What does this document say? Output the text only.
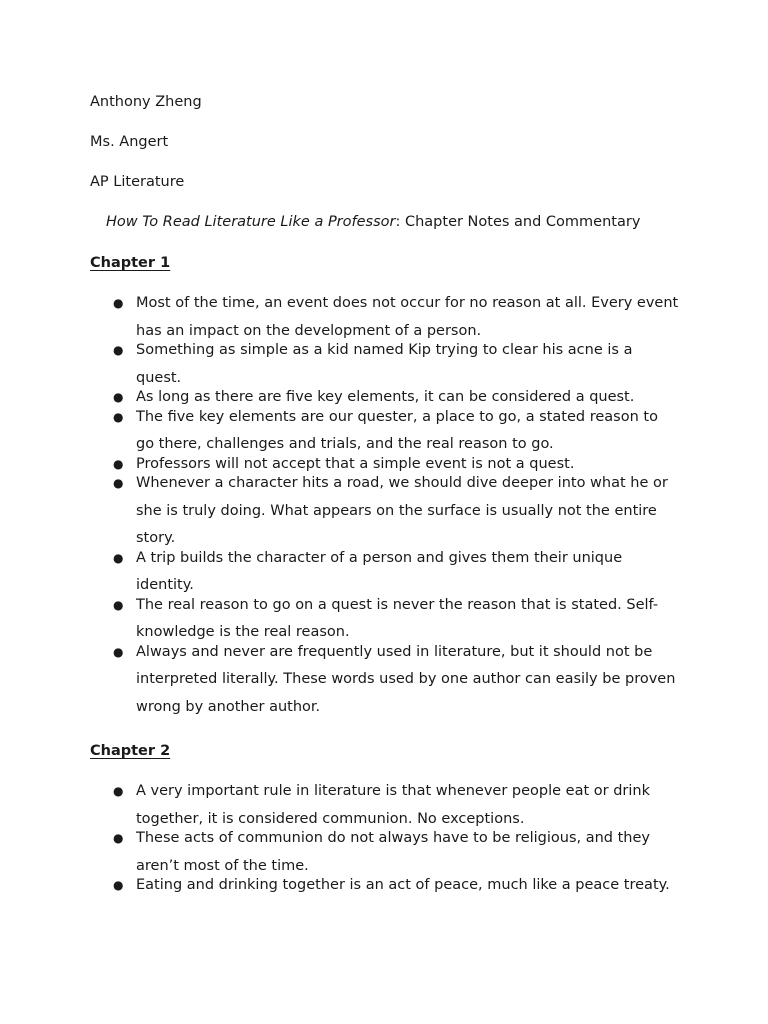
Anthony Zheng
Ms. Angert
AP Literature
How To Read Literature Like a Professor: Chapter Notes and Commentary
Chapter 1
● Most of the time, an event does not occur for no reason at all. Every event has an impact on the development of a person.
● Something as simple as a kid named Kip trying to clear his acne is a quest.
● As long as there are five key elements, it can be considered a quest.
● The five key elements are our quester, a place to go, a stated reason to go there, challenges and trials, and the real reason to go.
● Professors will not accept that a simple event is not a quest.
● Whenever a character hits a road, we should dive deeper into what he or she is truly doing. What appears on the surface is usually not the entire story.
● A trip builds the character of a person and gives them their unique identity.
● The real reason to go on a quest is never the reason that is stated. Self-knowledge is the real reason.
● Always and never are frequently used in literature, but it should not be interpreted literally. These words used by one author can easily be proven wrong by another author.
Chapter 2
● A very important rule in literature is that whenever people eat or drink together, it is considered communion. No exceptions.
● These acts of communion do not always have to be religious, and they aren’t most of the time.
● Eating and drinking together is an act of peace, much like a peace treaty.
